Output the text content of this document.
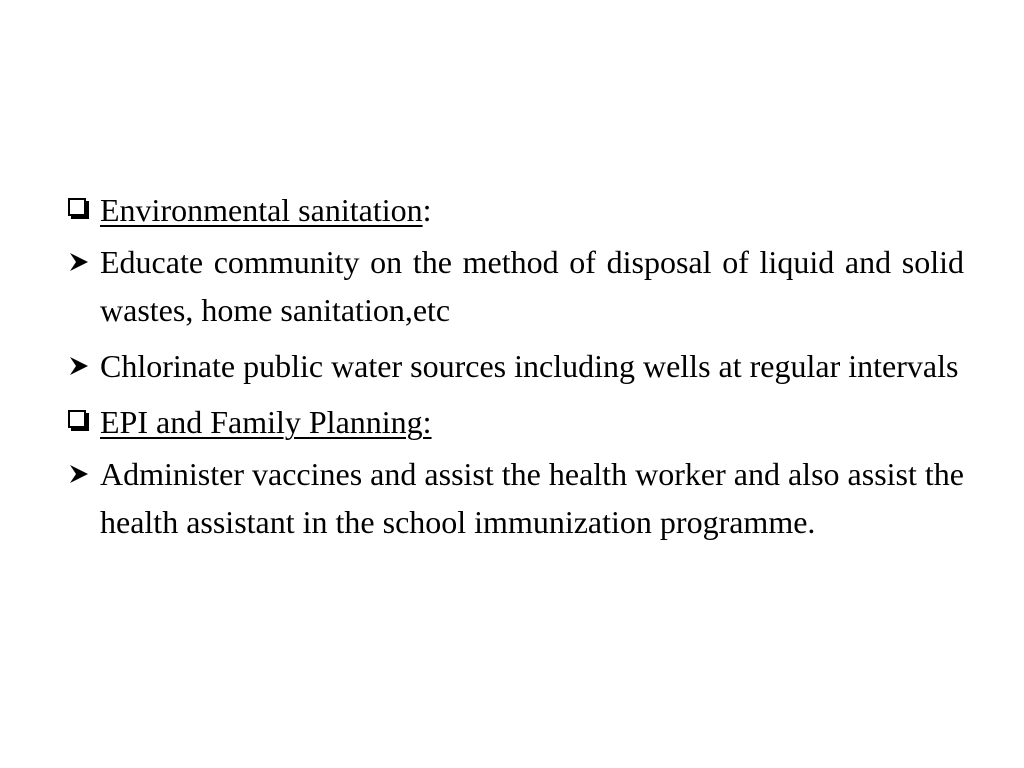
Environmental sanitation:
Educate community on the method of disposal of liquid and solid wastes, home sanitation,etc
Chlorinate public water sources including wells at regular intervals
EPI and Family Planning:
Administer vaccines and assist the health worker and also assist the health assistant in the school immunization programme.
